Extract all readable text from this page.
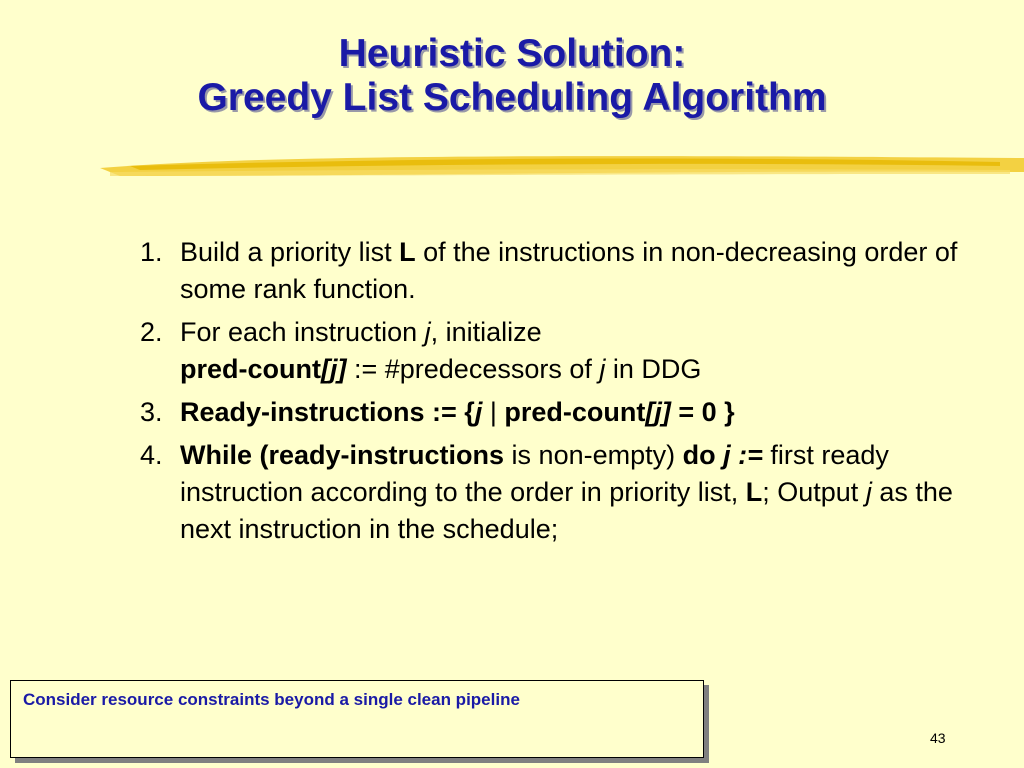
Heuristic Solution:
Greedy List Scheduling Algorithm
1. Build a priority list L of the instructions in non-decreasing order of some rank function.
2. For each instruction j, initialize
pred-count[j] := #predecessors of j in DDG
3. Ready-instructions := {j | pred-count[j] = 0 }
4. While (ready-instructions is non-empty) do j := first ready instruction according to the order in priority list, L; Output j as the next instruction in the schedule;
Consider resource constraints beyond a single clean pipeline
43
